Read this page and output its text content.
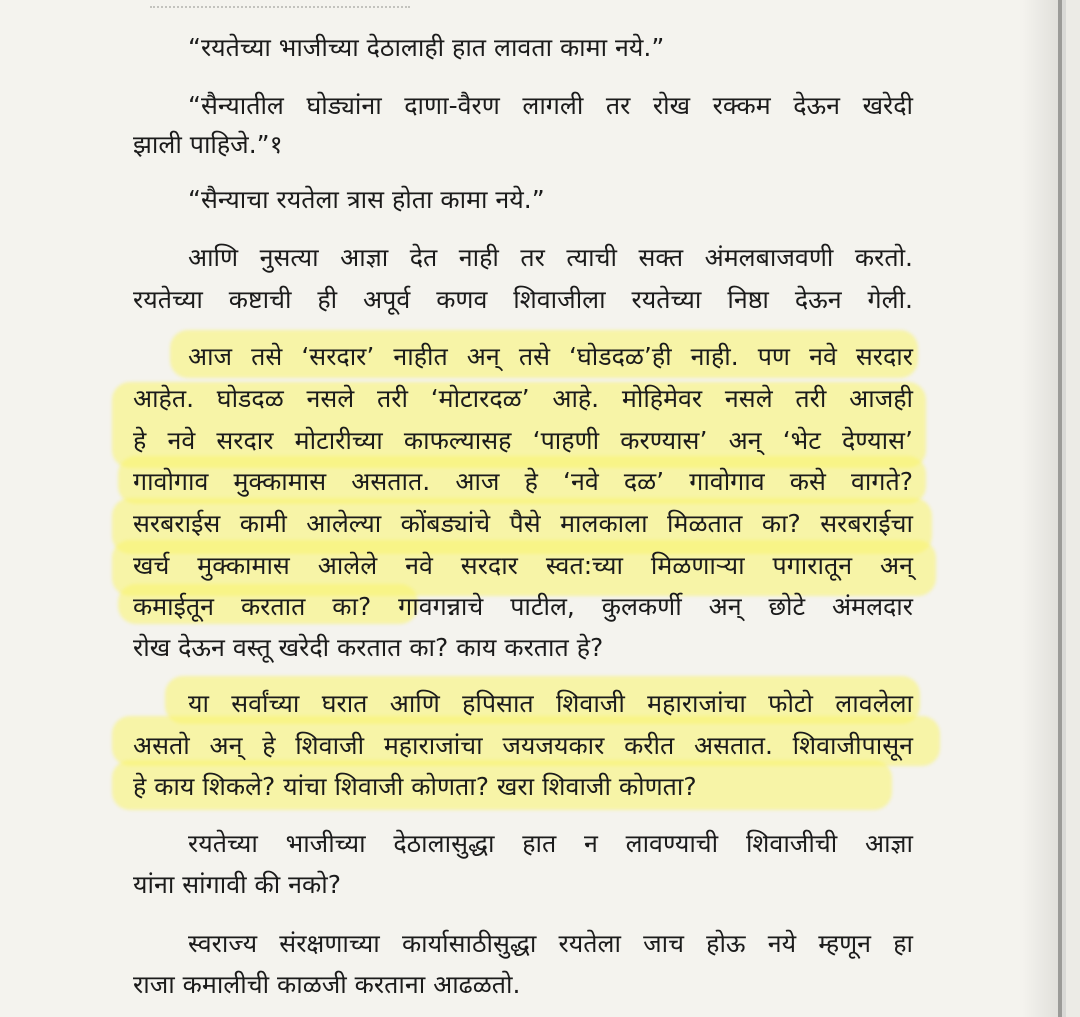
“रयतेच्या भाजीच्या देठालाही हात लावता कामा नये.”
“सैन्यातील घोड्यांना दाणा-वैरण लागली तर रोख रक्कम देऊन खरेदी
झाली पाहिजे.”१
“सैन्याचा रयतेला त्रास होता कामा नये.”
आणि नुसत्या आज्ञा देत नाही तर त्याची सक्त अंमलबाजवणी करतो.
रयतेच्या कष्टाची ही अपूर्व कणव शिवाजीला रयतेच्या निष्ठा देऊन गेली.
आज तसे ‘सरदार’ नाहीत अन् तसे ‘घोडदळ’ही नाही. पण नवे सरदार
आहेत. घोडदळ नसले तरी ‘मोटारदळ’ आहे. मोहिमेवर नसले तरी आजही
हे नवे सरदार मोटारीच्या काफल्यासह ‘पाहणी करण्यास’ अन् ‘भेट देण्यास’
गावोगाव मुक्कामास असतात. आज हे ‘नवे दळ’ गावोगाव कसे वागते?
सरबराईस कामी आलेल्या कोंबड्यांचे पैसे मालकाला मिळतात का? सरबराईचा
खर्च मुक्कामास आलेले नवे सरदार स्वत:च्या मिळणाऱ्या पगारातून अन्
कमाईतून करतात का? गावगन्नाचे पाटील, कुलकर्णी अन् छोटे अंमलदार
रोख देऊन वस्तू खरेदी करतात का? काय करतात हे?
या सर्वांच्या घरात आणि हपिसात शिवाजी महाराजांचा फोटो लावलेला
असतो अन् हे शिवाजी महाराजांचा जयजयकार करीत असतात. शिवाजीपासून
हे काय शिकले? यांचा शिवाजी कोणता? खरा शिवाजी कोणता?
रयतेच्या भाजीच्या देठालासुद्धा हात न लावण्याची शिवाजीची आज्ञा
यांना सांगावी की नको?
स्वराज्य संरक्षणाच्या कार्यासाठीसुद्धा रयतेला जाच होऊ नये म्हणून हा
राजा कमालीची काळजी करताना आढळतो.
